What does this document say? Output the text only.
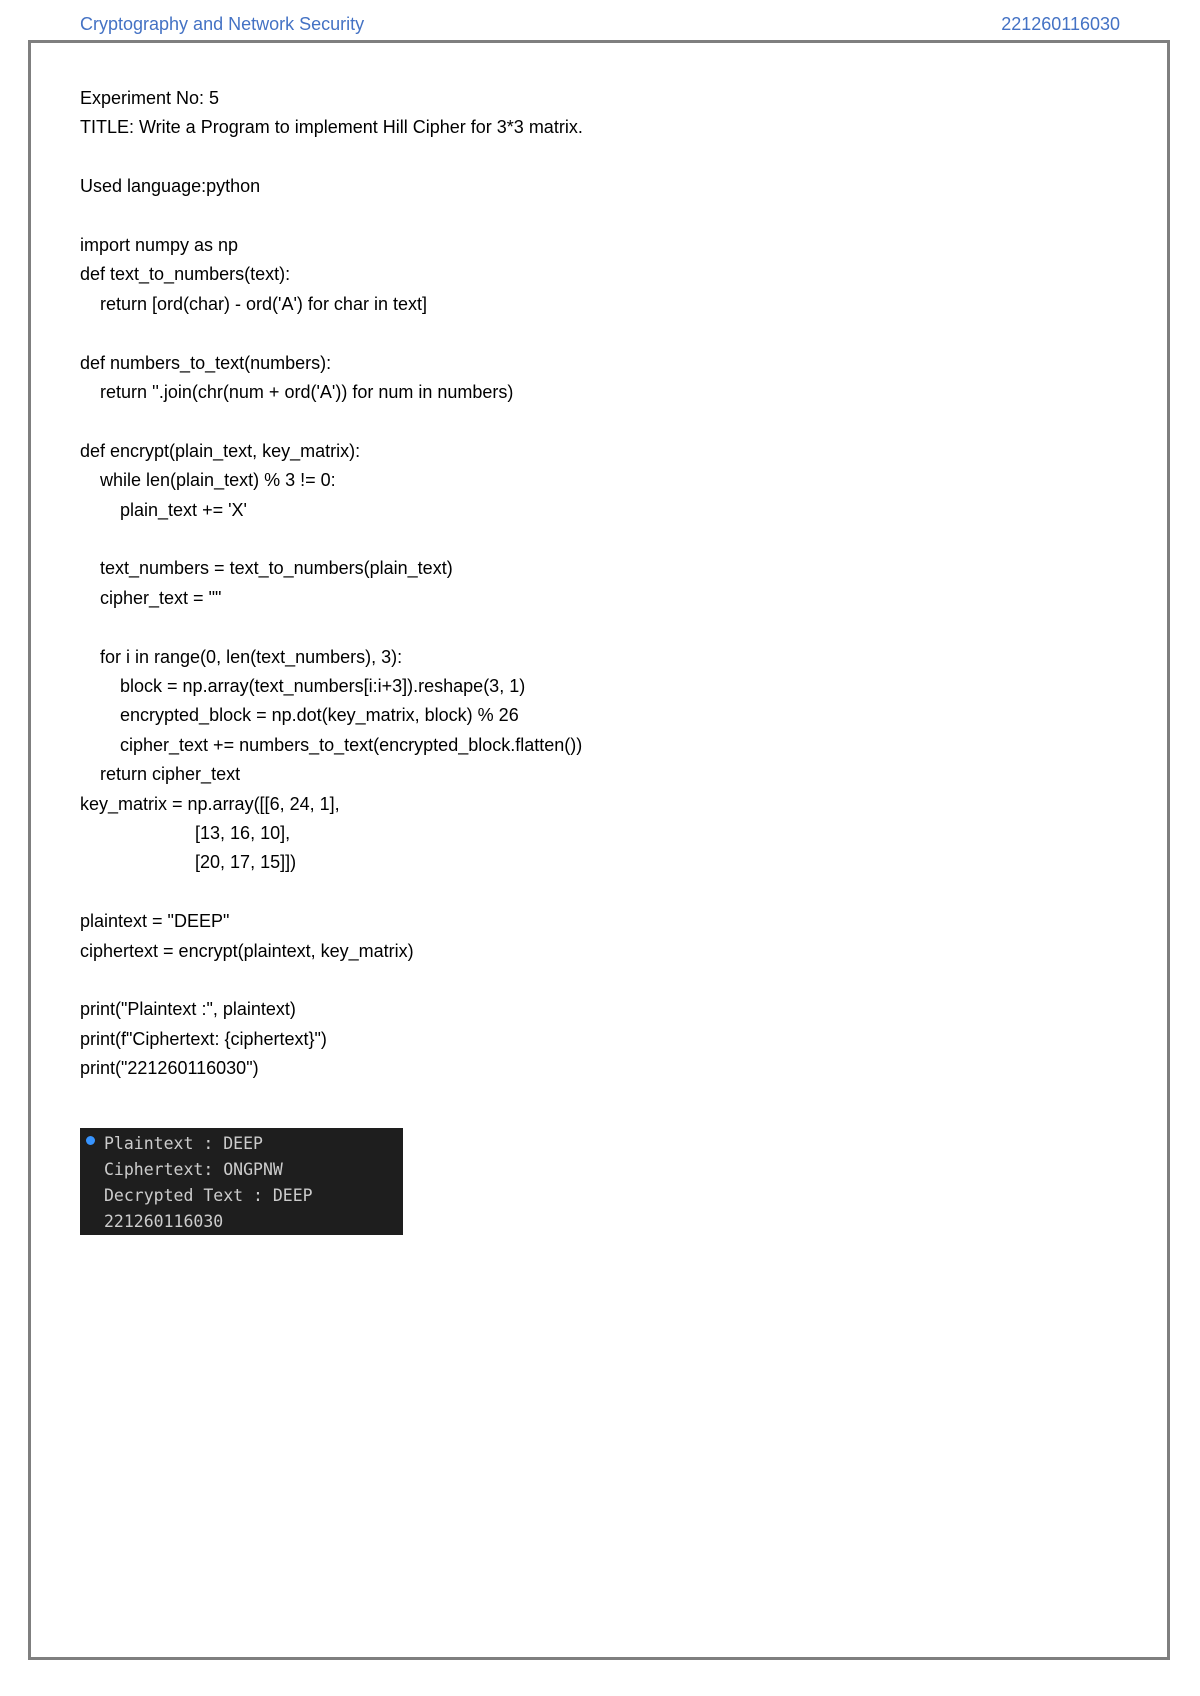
Cryptography and Network Security	221260116030
Experiment No: 5
TITLE: Write a Program to implement Hill Cipher for 3*3 matrix.
Used language:python
import numpy as np
def text_to_numbers(text):
return [ord(char) - ord('A') for char in text]
def numbers_to_text(numbers):
return ''.join(chr(num + ord('A')) for num in numbers)
def encrypt(plain_text, key_matrix):
while len(plain_text) % 3 != 0:
plain_text += 'X'
text_numbers = text_to_numbers(plain_text)
cipher_text = ""
for i in range(0, len(text_numbers), 3):
block = np.array(text_numbers[i:i+3]).reshape(3, 1)
encrypted_block = np.dot(key_matrix, block) % 26
cipher_text += numbers_to_text(encrypted_block.flatten())
return cipher_text
key_matrix = np.array([[6, 24, 1],
[13, 16, 10],
[20, 17, 15]])
plaintext = "DEEP"
ciphertext = encrypt(plaintext, key_matrix)
print("Plaintext :", plaintext)
print(f"Ciphertext: {ciphertext}")
print("221260116030")
Plaintext : DEEP
Ciphertext: ONGPNW
Decrypted Text : DEEP
221260116030
